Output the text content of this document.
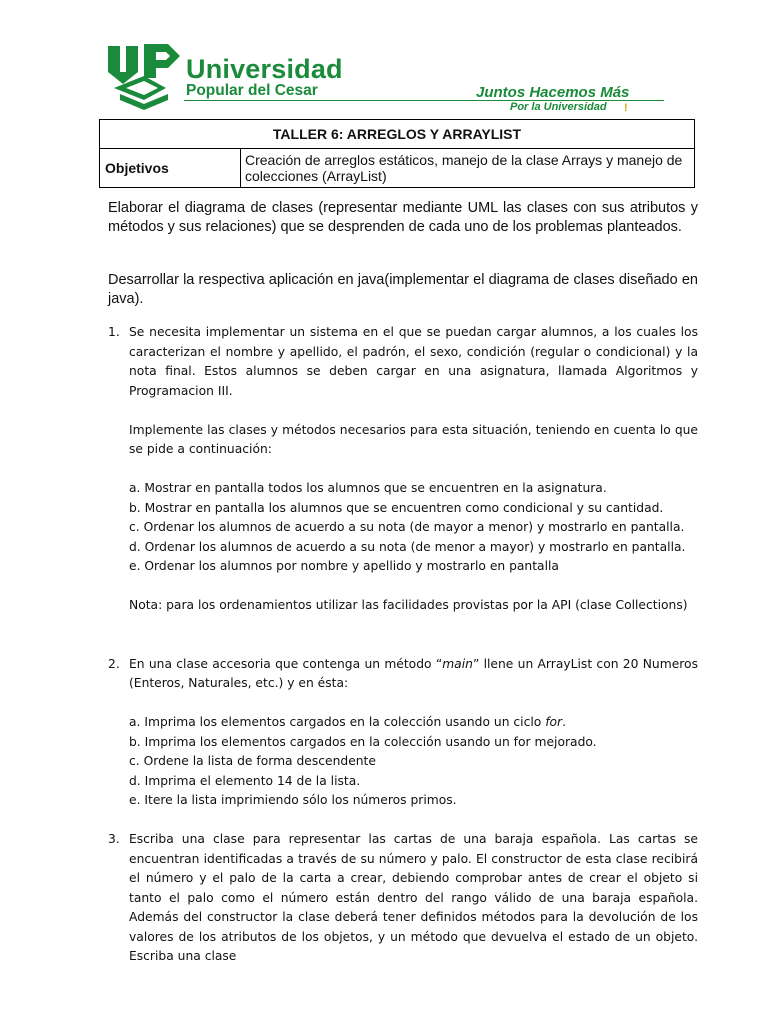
Universidad
Popular del Cesar	Juntos Hacemos Más
Por la Universidad !
TALLER 6: ARREGLOS Y ARRAYLIST
Objetivos	Creación de arreglos estáticos, manejo de la clase Arrays y manejo de colecciones (ArrayList)
Elaborar el diagrama de clases (representar mediante UML las clases con sus atributos y métodos y sus relaciones) que se desprenden de cada uno de los problemas planteados.
Desarrollar la respectiva aplicación en java(implementar el diagrama de clases diseñado en java).
1. Se necesita implementar un sistema en el que se puedan cargar alumnos, a los cuales los caracterizan el nombre y apellido, el padrón, el sexo, condición (regular o condicional) y la nota final. Estos alumnos se deben cargar en una asignatura, llamada Algoritmos y Programacion III.
Implemente las clases y métodos necesarios para esta situación, teniendo en cuenta lo que se pide a continuación:
a. Mostrar en pantalla todos los alumnos que se encuentren en la asignatura.
b. Mostrar en pantalla los alumnos que se encuentren como condicional y su cantidad.
c. Ordenar los alumnos de acuerdo a su nota (de mayor a menor) y mostrarlo en pantalla.
d. Ordenar los alumnos de acuerdo a su nota (de menor a mayor) y mostrarlo en pantalla.
e. Ordenar los alumnos por nombre y apellido y mostrarlo en pantalla
Nota: para los ordenamientos utilizar las facilidades provistas por la API (clase Collections)
2. En una clase accesoria que contenga un método “main” llene un ArrayList con 20 Numeros (Enteros, Naturales, etc.) y en ésta:
a. Imprima los elementos cargados en la colección usando un ciclo for.
b. Imprima los elementos cargados en la colección usando un for mejorado.
c. Ordene la lista de forma descendente
d. Imprima el elemento 14 de la lista.
e. Itere la lista imprimiendo sólo los números primos.
3. Escriba una clase para representar las cartas de una baraja española. Las cartas se encuentran identificadas a través de su número y palo. El constructor de esta clase recibirá el número y el palo de la carta a crear, debiendo comprobar antes de crear el objeto si tanto el palo como el número están dentro del rango válido de una baraja española. Además del constructor la clase deberá tener definidos métodos para la devolución de los valores de los atributos de los objetos, y un método que devuelva el estado de un objeto. Escriba una clase
